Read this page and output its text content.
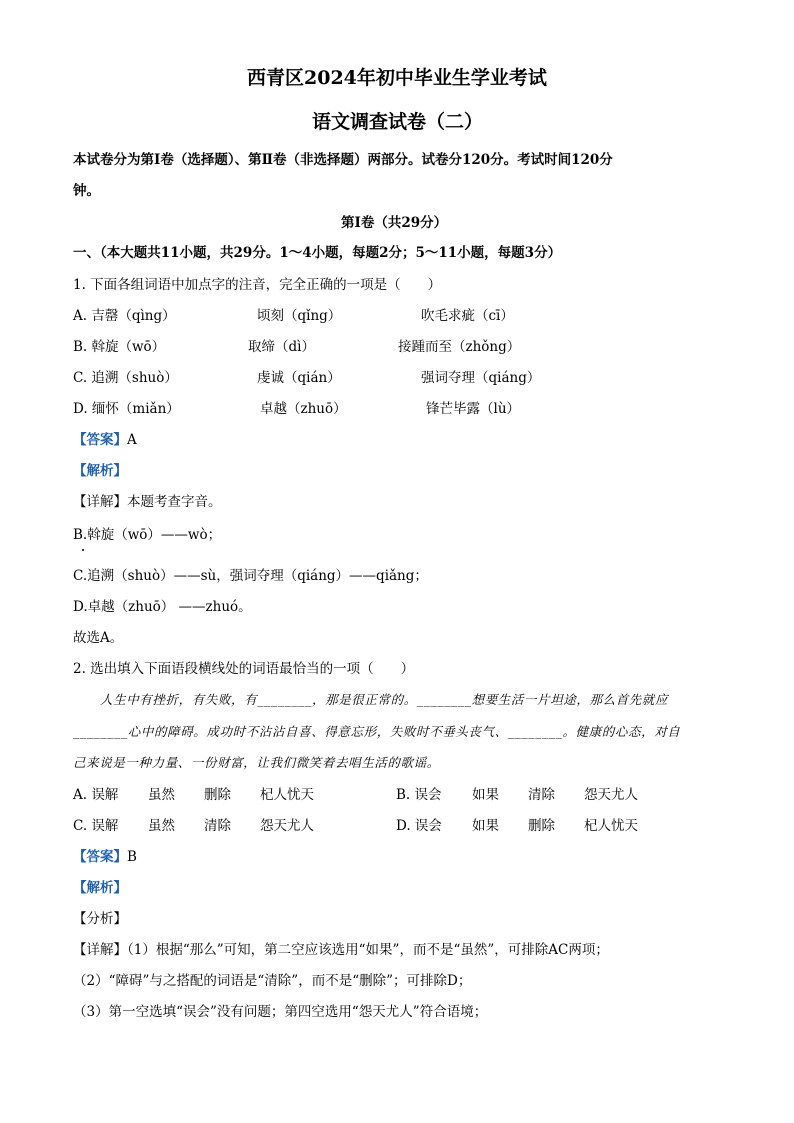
西青区2024年初中毕业生学业考试
语文调查试卷（二）
本试卷分为第Ⅰ卷（选择题）、第Ⅱ卷（非选择题）两部分。试卷分120分。考试时间120分
钟。
第Ⅰ卷（共29分）
一、（本大题共11小题，共29分。1～4小题，每题2分；5～11小题，每题3分）
1. 下面各组词语中加点字的注音，完全正确的一项是（　　）
A. 吉罄（qìng）	顷刻（qǐng）	吹毛求疵（cī）
B. 斡旋（wō）	取缔（dì）	接踵而至（zhǒng）
C. 追溯（shuò）	虔诚（qián）	强词夺理（qiáng）
D. 缅怀（miǎn）	卓越（zhuō）	锋芒毕露（lù）
【答案】A
【解析】
【详解】本题考查字音。
B.斡旋（wō）——wò；
C.追溯（shuò）——sù，强词夺理（qiáng）——qiǎng；
D.卓越（zhuō） ——zhuó。
故选A。
2. 选出填入下面语段横线处的词语最恰当的一项（　　）
人生中有挫折，有失败，有________，那是很正常的。________想要生活一片坦途，那么首先就应
________心中的障碍。成功时不沾沾自喜、得意忘形，失败时不垂头丧气、________。健康的心态，对自
己来说是一种力量、一份财富，让我们微笑着去唱生活的歌谣。
A. 误解 虽然 删除 杞人忧天	B. 误会 如果 清除 怨天尤人
C. 误解 虽然 清除 怨天尤人	D. 误会 如果 删除 杞人忧天
【答案】B
【解析】
【分析】
【详解】（1）根据“那么”可知，第二空应该选用“如果”，而不是“虽然”，可排除AC两项；
（2）“障碍”与之搭配的词语是“清除”，而不是“删除”；可排除D；
（3）第一空选填“误会”没有问题；第四空选用“怨天尤人”符合语境；
